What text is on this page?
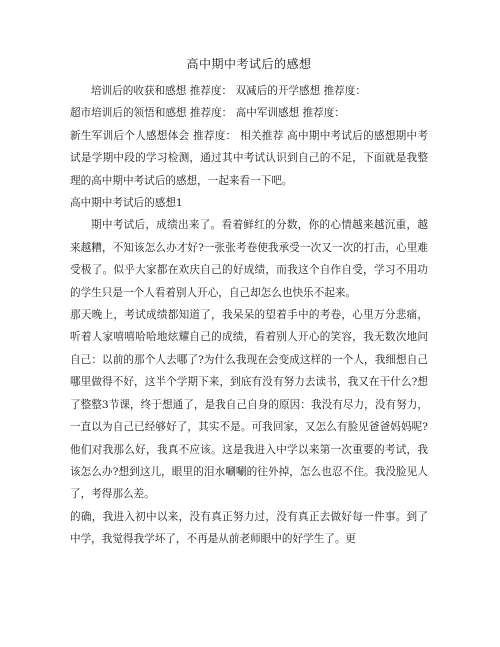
高中期中考试后的感想

培训后的收获和感想 推荐度： 双减后的开学感想 推荐度：

超市培训后的领悟和感想 推荐度： 高中军训感想 推荐度：

新生军训后个人感想体会 推荐度： 相关推荐 高中期中考试后的感想期中考试是学期中段的学习检测，通过其中考试认识到自己的不足，下面就是我整理的高中期中考试后的感想，一起来看一下吧。

高中期中考试后的感想1

期中考试后，成绩出来了。看着鲜红的分数，你的心情越来越沉重，越来越糟，不知该怎么办才好?一张张考卷使我承受一次又一次的打击，心里难受极了。似乎大家都在欢庆自己的好成绩，而我这个自作自受，学习不用功的学生只是一个人看着别人开心，自己却怎么也快乐不起来。

那天晚上，考试成绩都知道了，我呆呆的望着手中的考卷，心里万分悲痛，听着人家嘻嘻哈哈地炫耀自己的成绩，看着别人开心的笑容，我无数次地问自己：以前的那个人去哪了?为什么我现在会变成这样的一个人，我细想自己哪里做得不好，这半个学期下来，到底有没有努力去读书，我又在干什么?想了整整3节课，终于想通了，是我自己自身的原因：我没有尽力，没有努力，一直以为自己已经够好了，其实不是。可我回家，又怎么有脸见爸爸妈妈呢?他们对我那么好，我真不应该。这是我进入中学以来第一次重要的考试，我该怎么办?想到这儿，眼里的泪水唰唰的往外掉，怎么也忍不住。我没脸见人了，考得那么差。

的确，我进入初中以来，没有真正努力过，没有真正去做好每一件事。到了中学，我觉得我学坏了，不再是从前老师眼中的好学生了。更
